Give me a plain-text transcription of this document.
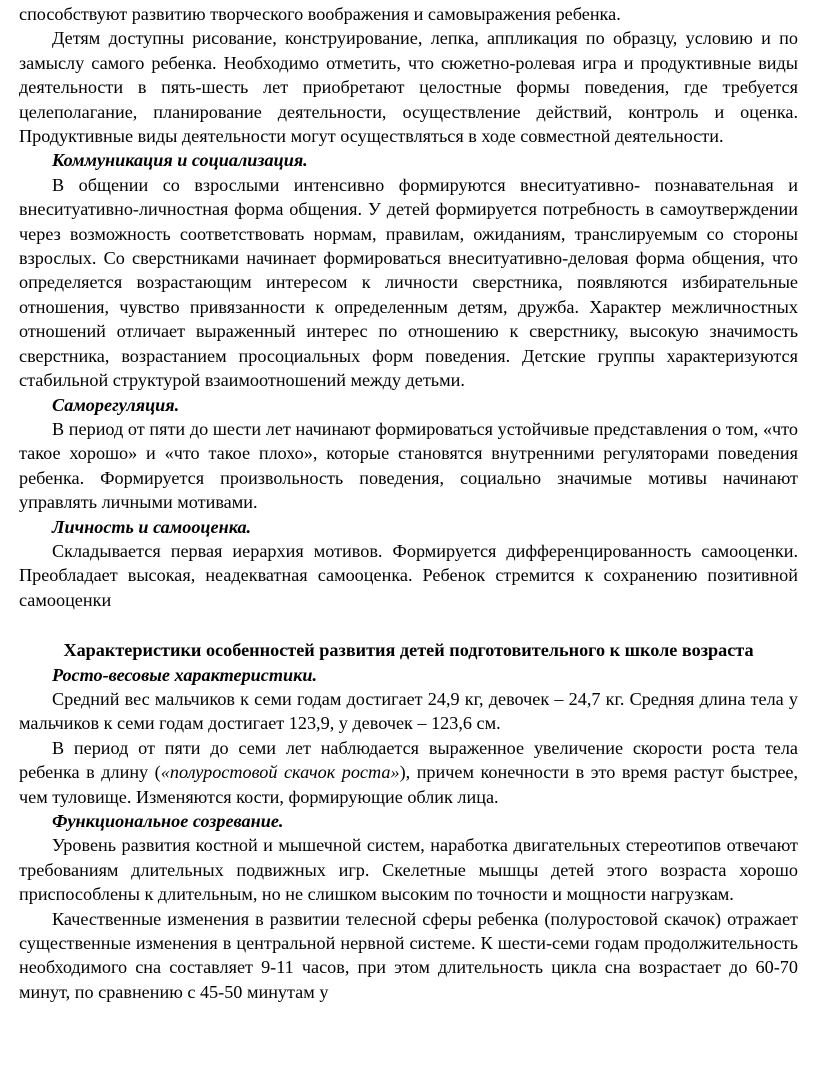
способствуют развитию творческого воображения и самовыражения ребенка.

Детям доступны рисование, конструирование, лепка, аппликация по образцу, условию и по замыслу самого ребенка. Необходимо отметить, что сюжетно-ролевая игра и продуктивные виды деятельности в пять-шесть лет приобретают целостные формы поведения, где требуется целеполагание, планирование деятельности, осуществление действий, контроль и оценка. Продуктивные виды деятельности могут осуществляться в ходе совместной деятельности.

Коммуникация и социализация.

В общении со взрослыми интенсивно формируются внеситуативно- познавательная и внеситуативно-личностная форма общения. У детей формируется потребность в самоутверждении через возможность соответствовать нормам, правилам, ожиданиям, транслируемым со стороны взрослых. Со сверстниками начинает формироваться внеситуативно-деловая форма общения, что определяется возрастающим интересом к личности сверстника, появляются избирательные отношения, чувство привязанности к определенным детям, дружба. Характер межличностных отношений отличает выраженный интерес по отношению к сверстнику, высокую значимость сверстника, возрастанием просоциальных форм поведения. Детские группы характеризуются стабильной структурой взаимоотношений между детьми.

Саморегуляция.

В период от пяти до шести лет начинают формироваться устойчивые представления о том, «что такое хорошо» и «что такое плохо», которые становятся внутренними регуляторами поведения ребенка. Формируется произвольность поведения, социально значимые мотивы начинают управлять личными мотивами.

Личность и самооценка.

Складывается первая иерархия мотивов. Формируется дифференцированность самооценки. Преобладает высокая, неадекватная самооценка. Ребенок стремится к сохранению позитивной самооценки

Характеристики особенностей развития детей подготовительного к школе возраста

Росто-весовые характеристики.

Средний вес мальчиков к семи годам достигает 24,9 кг, девочек – 24,7 кг. Средняя длина тела у мальчиков к семи годам достигает 123,9, у девочек – 123,6 см.

В период от пяти до семи лет наблюдается выраженное увеличение скорости роста тела ребенка в длину («полуростовой скачок роста»), причем конечности в это время растут быстрее, чем туловище. Изменяются кости, формирующие облик лица.

Функциональное созревание.

Уровень развития костной и мышечной систем, наработка двигательных стереотипов отвечают требованиям длительных подвижных игр. Скелетные мышцы детей этого возраста хорошо приспособлены к длительным, но не слишком высоким по точности и мощности нагрузкам.

Качественные изменения в развитии телесной сферы ребенка (полуростовой скачок) отражает существенные изменения в центральной нервной системе. К шести-семи годам продолжительность необходимого сна составляет 9-11 часов, при этом длительность цикла сна возрастает до 60-70 минут, по сравнению с 45-50 минутам у
